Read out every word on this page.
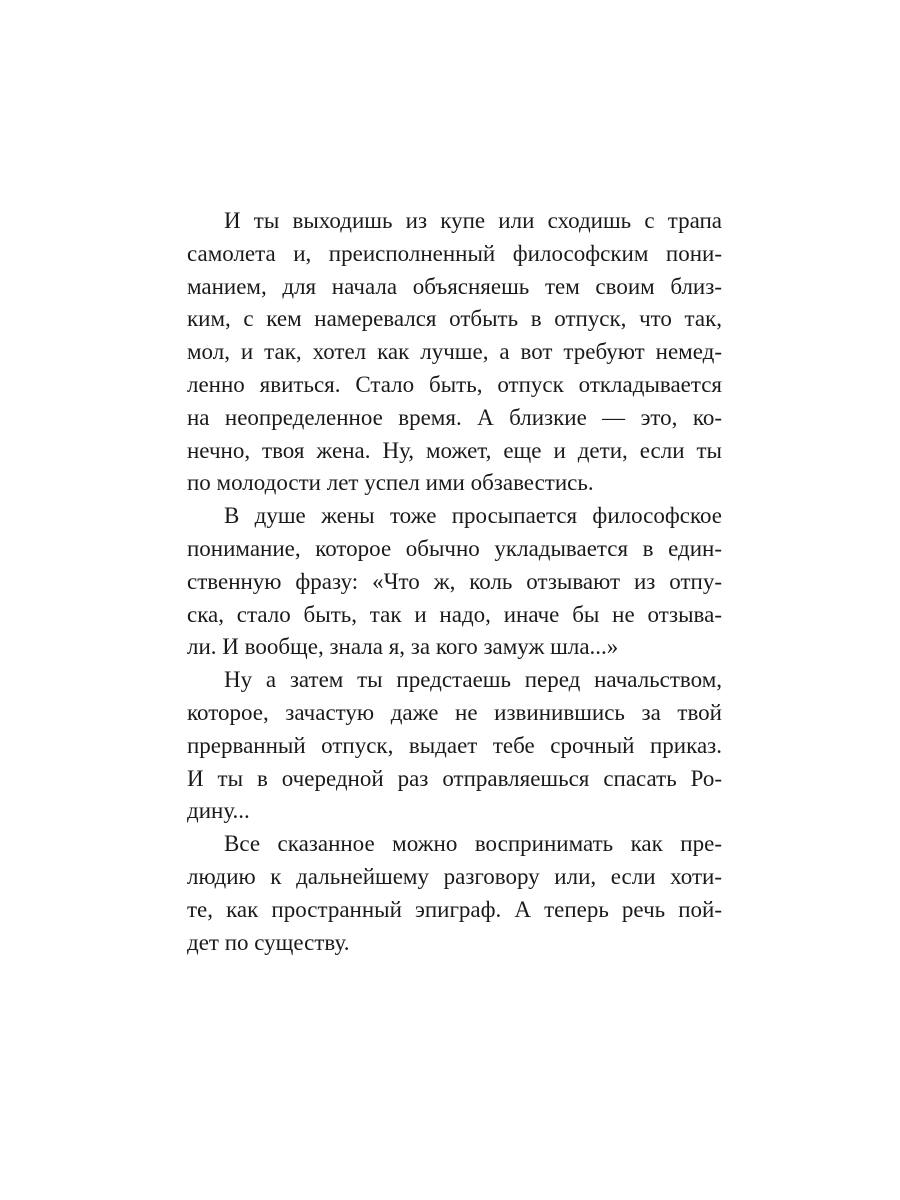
И ты выходишь из купе или сходишь с трапа
самолета и, преисполненный философским пони-
манием, для начала объясняешь тем своим близ-
ким, с кем намеревался отбыть в отпуск, что так,
мол, и так, хотел как лучше, а вот требуют немед-
ленно явиться. Стало быть, отпуск откладывается
на неопределенное время. А близкие — это, ко-
нечно, твоя жена. Ну, может, еще и дети, если ты
по молодости лет успел ими обзавестись.
В душе жены тоже просыпается философское
понимание, которое обычно укладывается в един-
ственную фразу: «Что ж, коль отзывают из отпу-
ска, стало быть, так и надо, иначе бы не отзыва-
ли. И вообще, знала я, за кого замуж шла...»
Ну а затем ты предстаешь перед начальством,
которое, зачастую даже не извинившись за твой
прерванный отпуск, выдает тебе срочный приказ.
И ты в очередной раз отправляешься спасать Ро-
дину...
Все сказанное можно воспринимать как пре-
людию к дальнейшему разговору или, если хоти-
те, как пространный эпиграф. А теперь речь пой-
дет по существу.
